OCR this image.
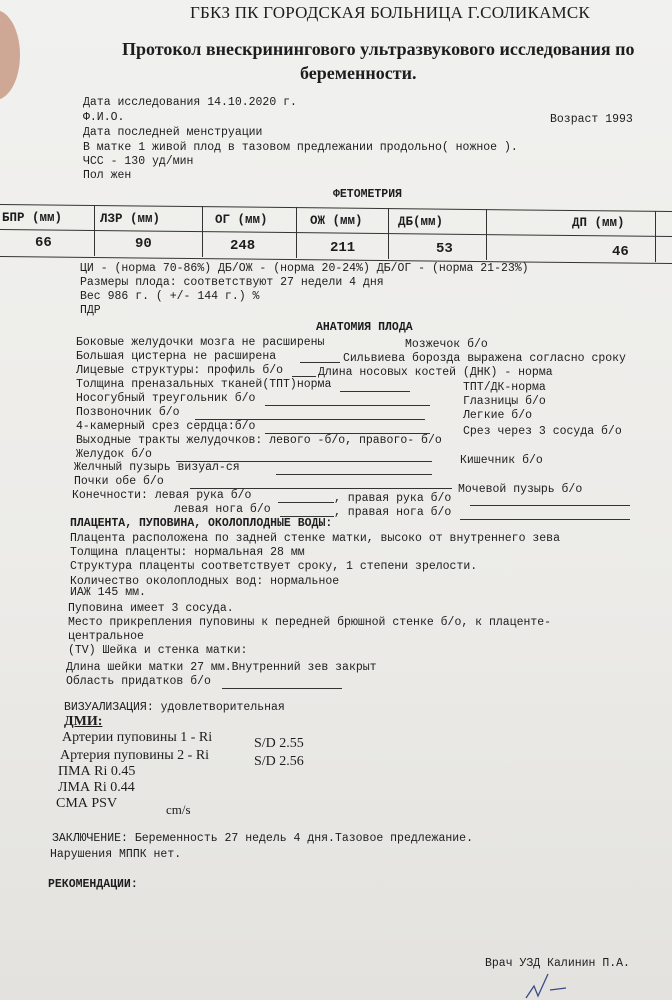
ГБКЗ ПК ГОРОДСКАЯ БОЛЬНИЦА Г.СОЛИКАМСК
Протокол внескринингового ультразвукового исследования по
беременности.
Дата исследования 14.10.2020 г.
Ф.И.О.	Возраст 1993
Дата последней менструации
В матке 1 живой плод в тазовом предлежании продольно( ножное ).
ЧСС - 130 уд/мин
Пол жен
ФЕТОМЕТРИЯ
БПР (мм)	ЛЗР (мм)	ОГ (мм)	ОЖ (мм)	ДБ(мм)	ДП (мм)
66	90	248	211	53	46
ЦИ - (норма 70-86%) ДБ/ОЖ - (норма 20-24%) ДБ/ОГ - (норма 21-23%)
Размеры плода: соответствуют 27 недели 4 дня
Вес 986 г. ( +/- 144 г.) %
ПДР
АНАТОМИЯ ПЛОДА
Боковые желудочки мозга не расширены	Мозжечок б/о
Большая цистерна не расширена	Сильвиева борозда выражена согласно сроку
Лицевые структуры: профиль б/о	Длина носовых костей (ДНК) - норма
Толщина преназальных тканей(ТПТ)норма	ТПТ/ДК-норма
Носогубный треугольник б/о	Глазницы б/о
Позвоночник б/о	Легкие б/о
4-камерный срез сердца:б/о	Срез через 3 сосуда б/о
Выходные тракты желудочков: левого -б/о, правого- б/о
Желудок б/о	Кишечник б/о
Желчный пузырь визуал-ся
Почки обе б/о
Мочевой пузырь б/о
Конечности: левая рука б/о	, правая рука б/о
левая нога б/о	, правая нога б/о
ПЛАЦЕНТА, ПУПОВИНА, ОКОЛОПЛОДНЫЕ ВОДЫ:
Плацента расположена по задней стенке матки, высоко от внутреннего зева
Толщина плаценты: нормальная 28 мм
Структура плаценты соответствует сроку, 1 степени зрелости.
Количество околоплодных вод: нормальное
ИАЖ 145 мм.
Пуповина имеет 3 сосуда.
Место прикрепления пуповины к передней брюшной стенке б/о, к плаценте-
центральное
(TV) Шейка и стенка матки:
Длина шейки матки 27 мм.Внутренний зев закрыт
Область придатков б/о
ВИЗУАЛИЗАЦИЯ: удовлетворительная
ДМИ:
Артерии пуповины 1 - Ri	S/D 2.55
Артерия пуповины 2 - Ri	S/D 2.56
ПМА Ri 0.45
ЛМА Ri 0.44
СМА PSV	cm/s
ЗАКЛЮЧЕНИЕ: Беременность 27 недель 4 дня.Тазовое предлежание.
Нарушения МППК нет.
РЕКОМЕНДАЦИИ:
Врач УЗД Калинин П.А.
